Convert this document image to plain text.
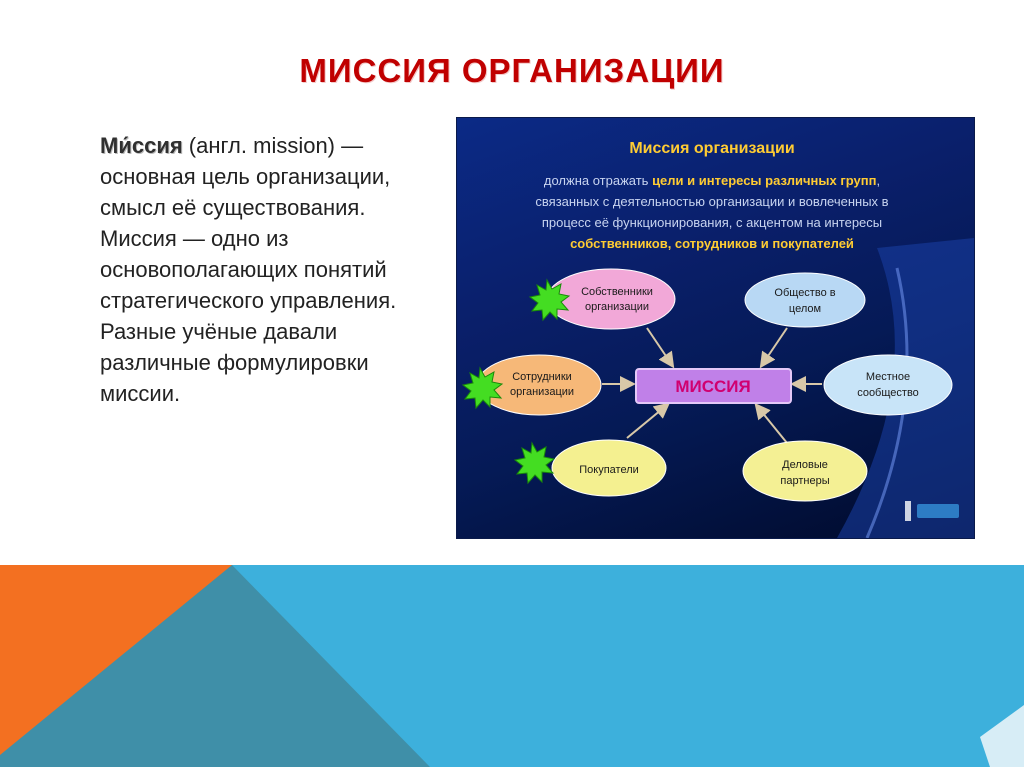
МИССИЯ ОРГАНИЗАЦИИ
Ми́ссия (англ. mission) — основная цель организации, смысл её существования. Миссия — одно из основополагающих понятий стратегического управления. Разные учёные давали различные формулировки миссии.
Миссия организации
должна отражать цели и интересы различных групп,
связанных с деятельностью организации и вовлеченных в
процесс её функционирования, с акцентом на интересы
собственников, сотрудников и покупателей
МИССИЯ
Собственники
организации
Общество в
целом
Сотрудники
организации
Местное
сообщество
Покупатели	Деловые
партнеры
